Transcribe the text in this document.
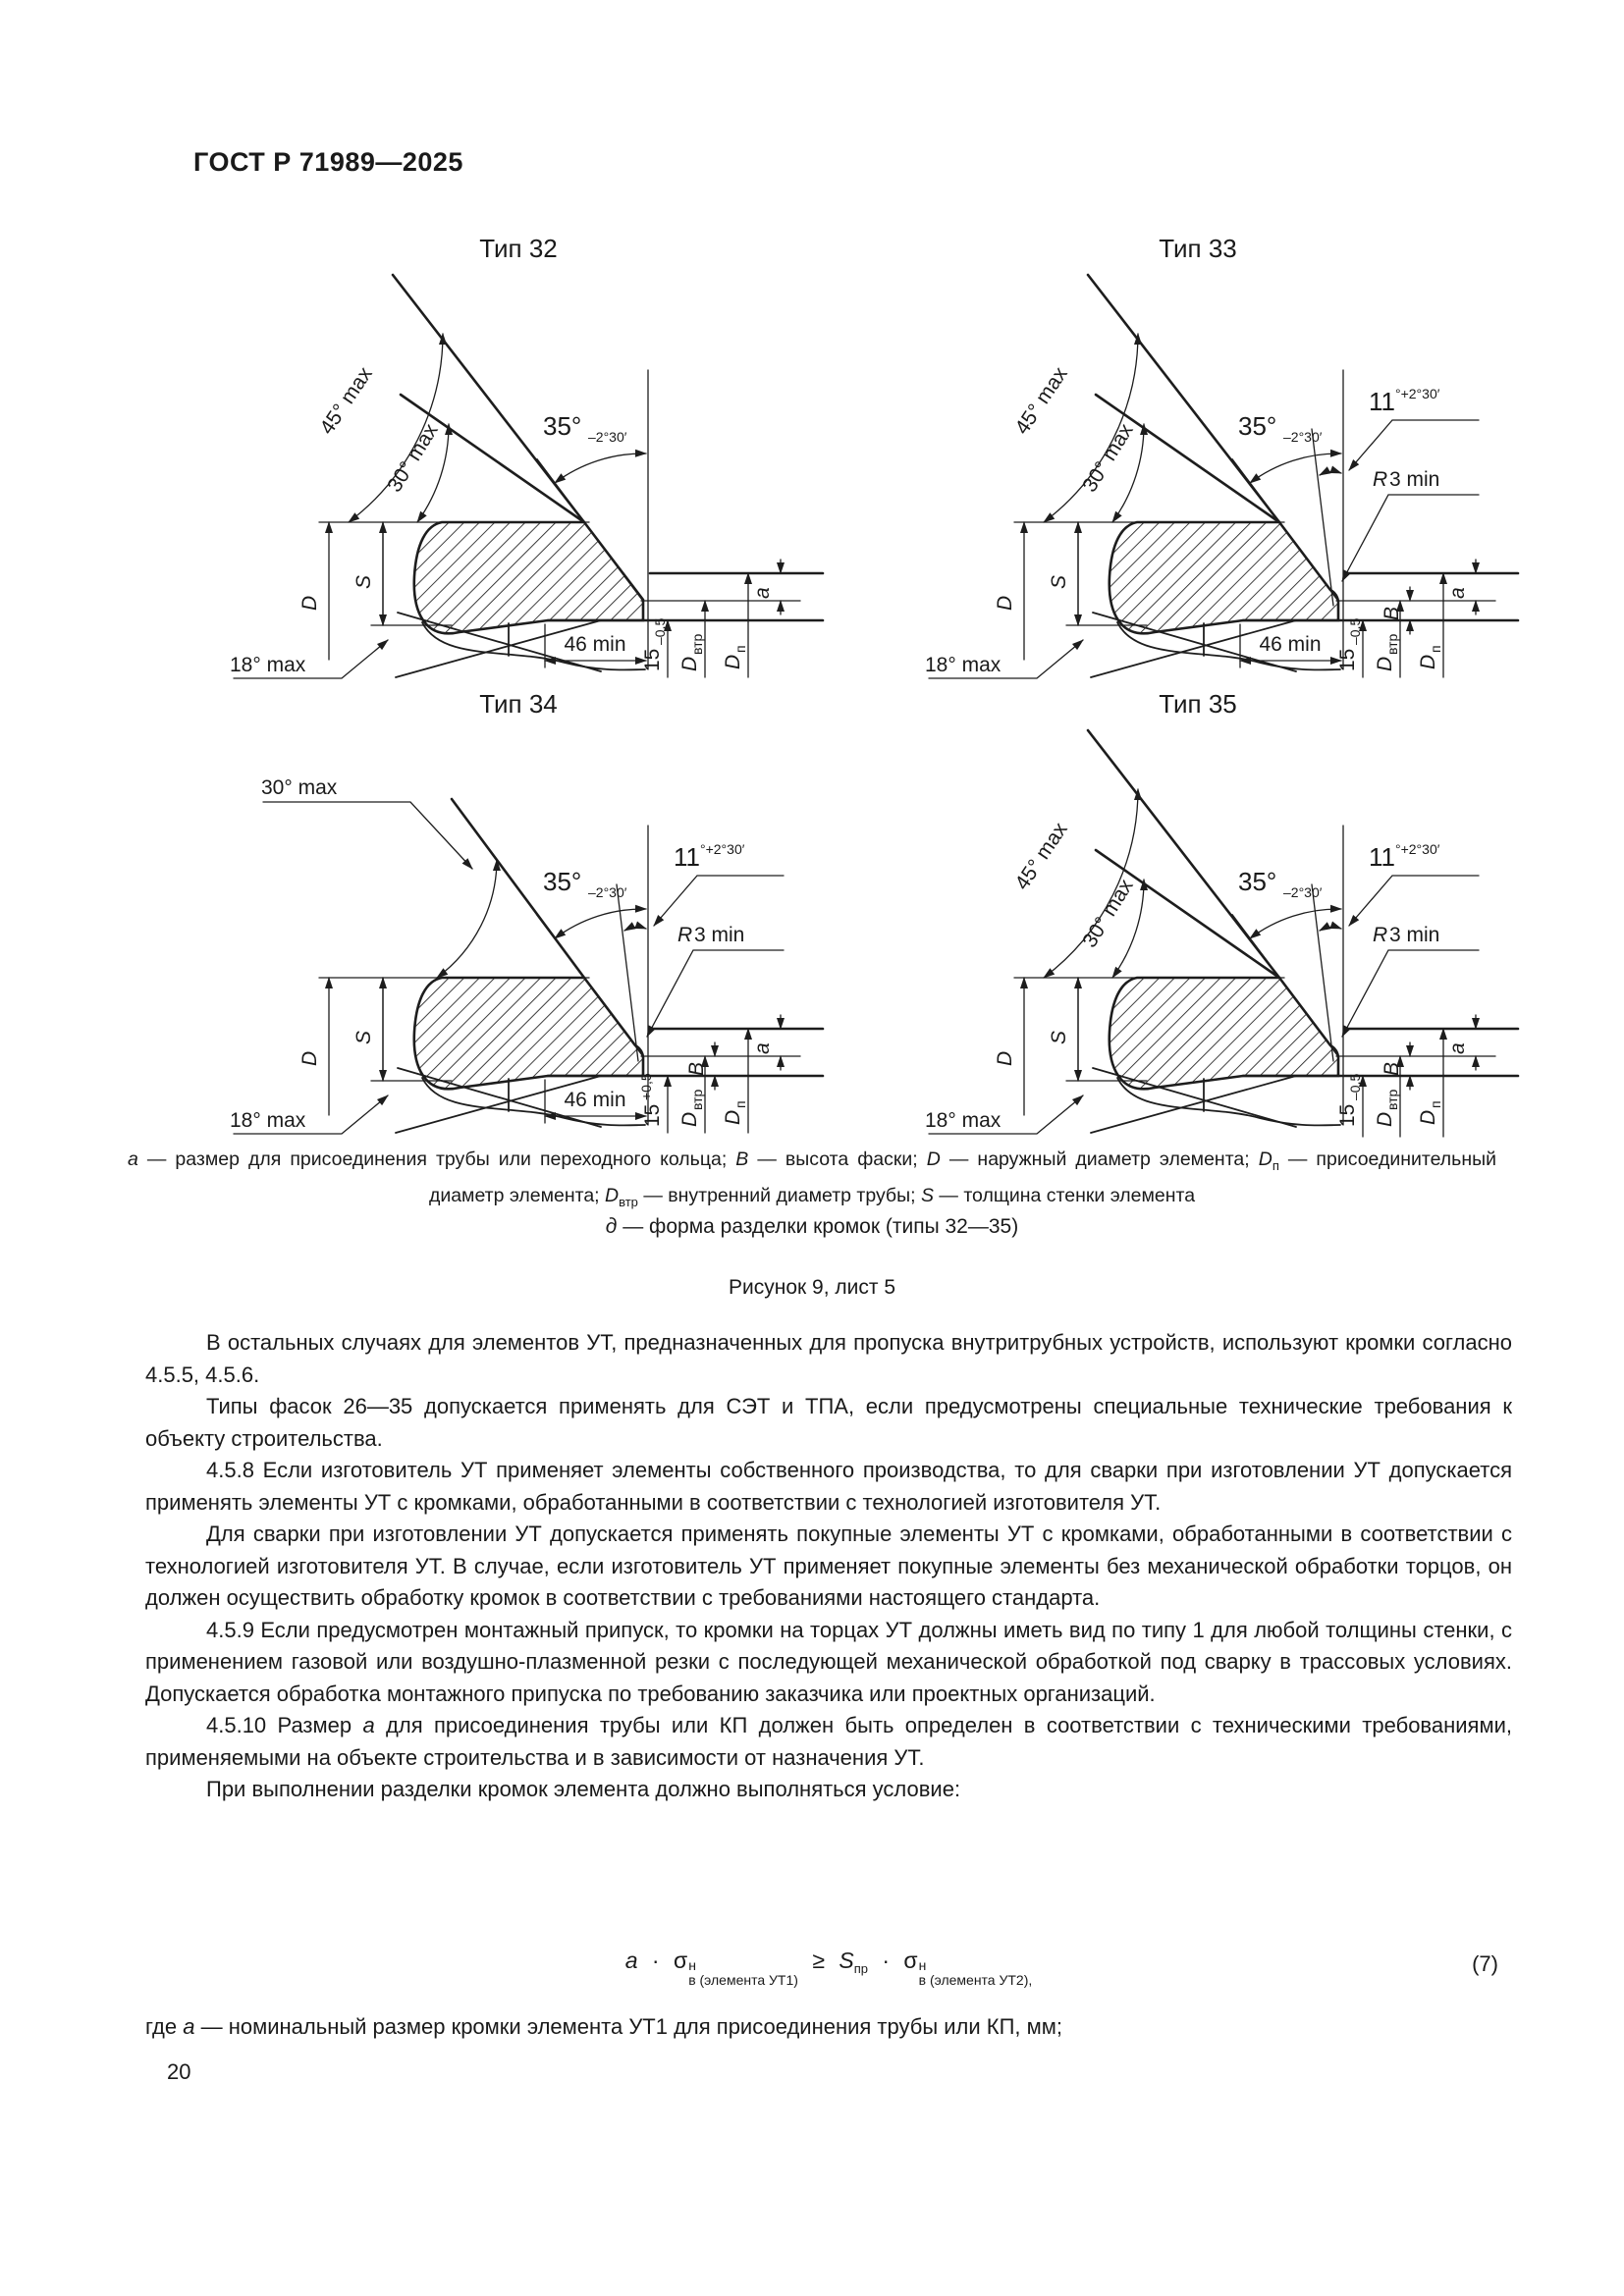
ГОСТ Р 71989—2025
Тип 32
45° max
30° max	35° –2°30′
a
15
–0,5
D
втр
D
п
46 min
18° max
D
S
Тип 33
45° max
30° max	35° –2°30′
11 °+2°30′
R 3 min
B
a
15
–0,5
D
втр
D
п
46 min
18° max
D
S
Тип 34
30° max
35° –2°30′
11 °+2°30′
R 3 min
B
a
15
+0,5
D
втр
D
п
46 min
18° max
D
S
Тип 35
45° max
30° max	35° –2°30′
11 °+2°30′
R 3 min
B
a
15
–0,5
D
втр
D
п
18° max
D
S
а — размер для присоединения трубы или переходного кольца; В — высота фаски; D — наружный диаметр элемента; $D_п$ — присоединительный диаметр элемента; $D_{втр}$ — внутренний диаметр трубы; S — толщина стенки элемента
д — форма разделки кромок (типы 32—35)
Рисунок 9, лист 5

В остальных случаях для элементов УТ, предназначенных для пропуска внутритрубных устройств, используют кромки согласно 4.5.5, 4.5.6.

Типы фасок 26—35 допускается применять для СЭТ и ТПА, если предусмотрены специальные технические требования к объекту строительства.

4.5.8 Если изготовитель УТ применяет элементы собственного производства, то для сварки при изготовлении УТ допускается применять элементы УТ с кромками, обработанными в соответствии с технологией изготовителя УТ.

Для сварки при изготовлении УТ допускается применять покупные элементы УТ с кромками, обработанными в соответствии с технологией изготовителя УТ. В случае, если изготовитель УТ применяет покупные элементы без механической обработки торцов, он должен осуществить обработку кромок в соответствии с требованиями настоящего стандарта.

4.5.9 Если предусмотрен монтажный припуск, то кромки на торцах УТ должны иметь вид по типу 1 для любой толщины стенки, с применением газовой или воздушно-плазменной резки с последующей механической обработкой под сварку в трассовых условиях. Допускается обработка монтажного припуска по требованию заказчика или проектных организаций.

4.5.10 Размер а для присоединения трубы или КП должен быть определен в соответствии с техническими требованиями, применяемыми на объекте строительства и в зависимости от назначения УТ.

При выполнении разделки кромок элемента должно выполняться условие:

a · σ н
в (элемента УТ1)
≥ $S_{пр} \cdot \sigma$ н
в (элемента УТ2),
(7)
где а — номинальный размер кромки элемента УТ1 для присоединения трубы или КП, мм;
20
